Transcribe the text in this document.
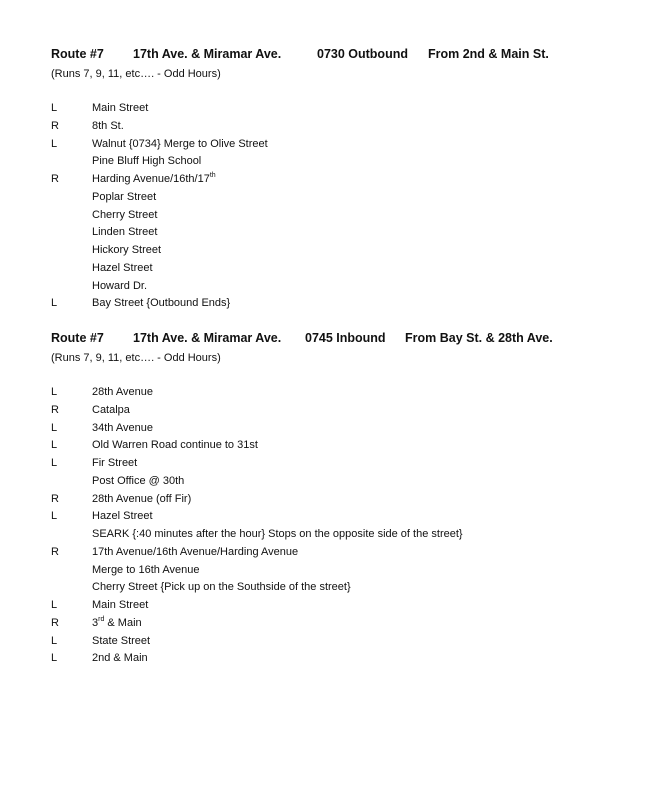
Route #7 17th Ave. & Miramar Ave.	0730 Outbound From 2nd & Main St.
(Runs 7, 9, 11, etc…. - Odd Hours)
L	Main Street
R	8th St.
L	Walnut {0734} Merge to Olive Street
Pine Bluff High School
R	Harding Avenue/16th/17th
Poplar Street
Cherry Street
Linden Street
Hickory Street
Hazel Street
Howard Dr.
L	Bay Street {Outbound Ends}
Route #7 17th Ave. & Miramar Ave. 0745 Inbound From Bay St. & 28th Ave.
(Runs 7, 9, 11, etc…. - Odd Hours)
L	28th Avenue
R	Catalpa
L	34th Avenue
L	Old Warren Road continue to 31st
L	Fir Street
Post Office @ 30th
R	28th Avenue (off Fir)
L	Hazel Street
SEARK {:40 minutes after the hour} Stops on the opposite side of the street}
R	17th Avenue/16th Avenue/Harding Avenue
Merge to 16th Avenue
Cherry Street {Pick up on the Southside of the street}
L	Main Street
R	3rd & Main
L	State Street
L	2nd & Main
